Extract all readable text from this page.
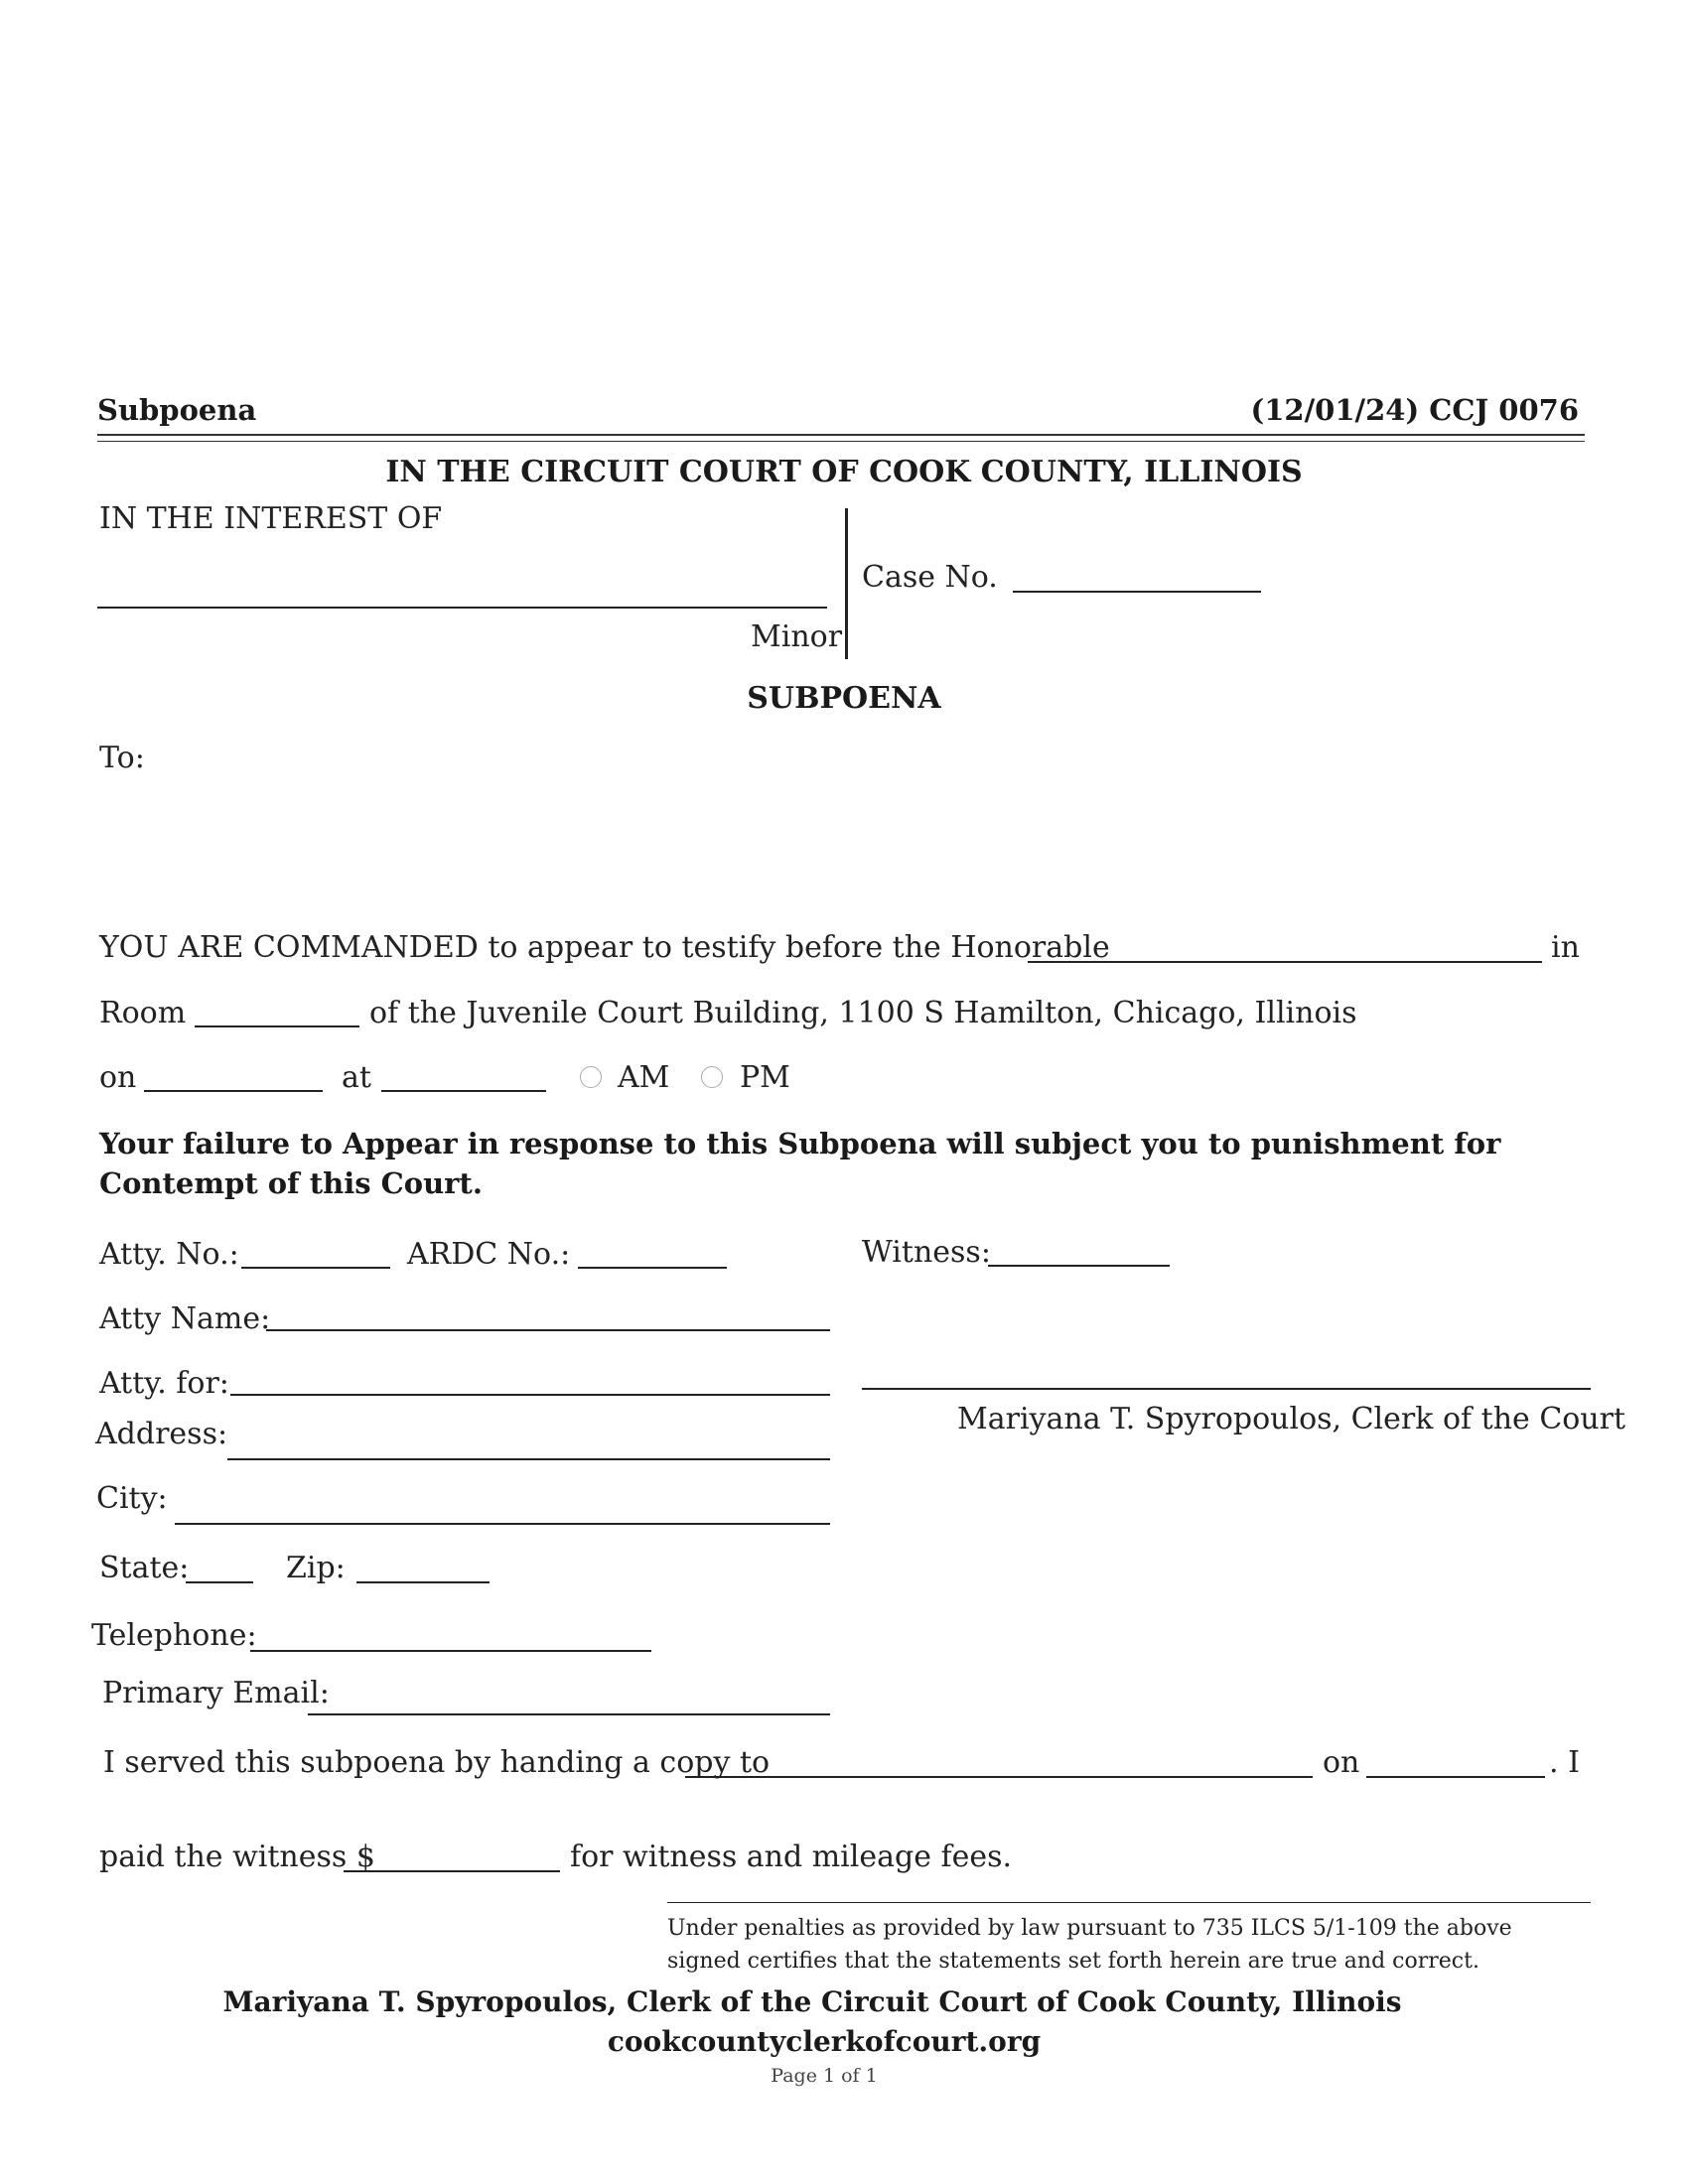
Subpoena	(12/01/24) CCJ 0076
IN THE CIRCUIT COURT OF COOK COUNTY, ILLINOIS
IN THE INTEREST OF
Minor
Case No.
SUBPOENA
To:
YOU ARE COMMANDED to appear to testify before the Honorable	in
Room	of the Juvenile Court Building, 1100 S Hamilton, Chicago, Illinois
on	at	AM PM
Your failure to Appear in response to this Subpoena will subject you to punishment for Contempt of this Court.
Atty. No.:	ARDC No.:
Atty Name:
Atty. for:
Address:
City:
State:	Zip:
Telephone:
Primary Email:
Witness:
Mariyana T. Spyropoulos, Clerk of the Court
I served this subpoena by handing a copy to	on	. I
paid the witness $	for witness and mileage fees.
Under penalties as provided by law pursuant to 735 ILCS 5/1-109 the above signed certifies that the statements set forth herein are true and correct.
Mariyana T. Spyropoulos, Clerk of the Circuit Court of Cook County, Illinois
cookcountyclerkofcourt.org
Page 1 of 1
